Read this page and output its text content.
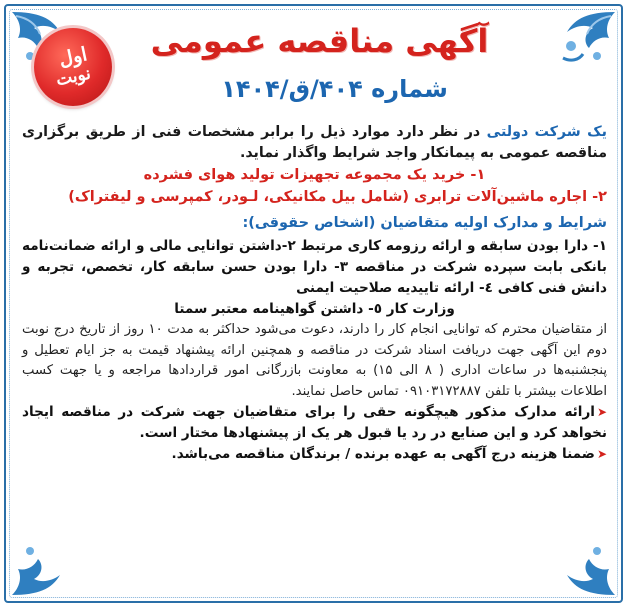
اول
نوبت
آگهی مناقصه عمومی
شماره ۴۰۴/ق/۱۴۰۴

یک شرکت دولتی در نظر دارد موارد ذیل را برابر مشخصات فنی از طریق برگزاری مناقصه عمومی به پیمانکار واجد شرایط واگذار نماید.

۱- خرید یک مجموعه تجهیزات تولید هوای فشرده

۲- اجاره ماشین‌آلات ترابری (شامل بیل مکانیکی، لـودر، کمپرسی و لیفتراک)

شرایط و مدارک اولیه متقاضیان (اشخاص حقوقی):

۱- دارا بودن سابقه و ارائه رزومه کاری مرتبط ۲-داشتن توانایی مالی و ارائه ضمانت‌نامه بانکی بابت سپرده شرکت در مناقصه ۳- دارا بودن حسن سابقه کار، تخصص، تجربه و دانش فنی کافی ٤- ارائه تاییدیه صلاحیت ایمنی

وزارت کار ٥- داشتن گواهینامه معتبر سمتا

از متقاضیان محترم که توانایی انجام کار را دارند، دعوت می‌شود حداکثر به مدت ۱۰ روز از تاریخ درج نوبت دوم این آگهی جهت دریافت اسناد شرکت در مناقصه و همچنین ارائه پیشنهاد قیمت به جز ایام تعطیل و پنجشنبه‌ها در ساعات اداری ( ۸ الی ۱۵) به معاونت بازرگانی امور قراردادها مراجعه و یا جهت کسب اطلاعات بیشتر با تلفن ۰۹۱۰۳۱۷۲۸۸۷ تماس حاصل نمایند.

➤ارائه مدارک مذکور هیچگونه حقی را برای متقاضیان جهت شرکت در مناقصه ایجاد نخواهد کرد و این صنایع در رد یا قبول هر یک از پیشنهادها مختار است.

➤ضمنا هزینه درج آگهی به عهده برنده / برندگان مناقصه می‌باشد.
